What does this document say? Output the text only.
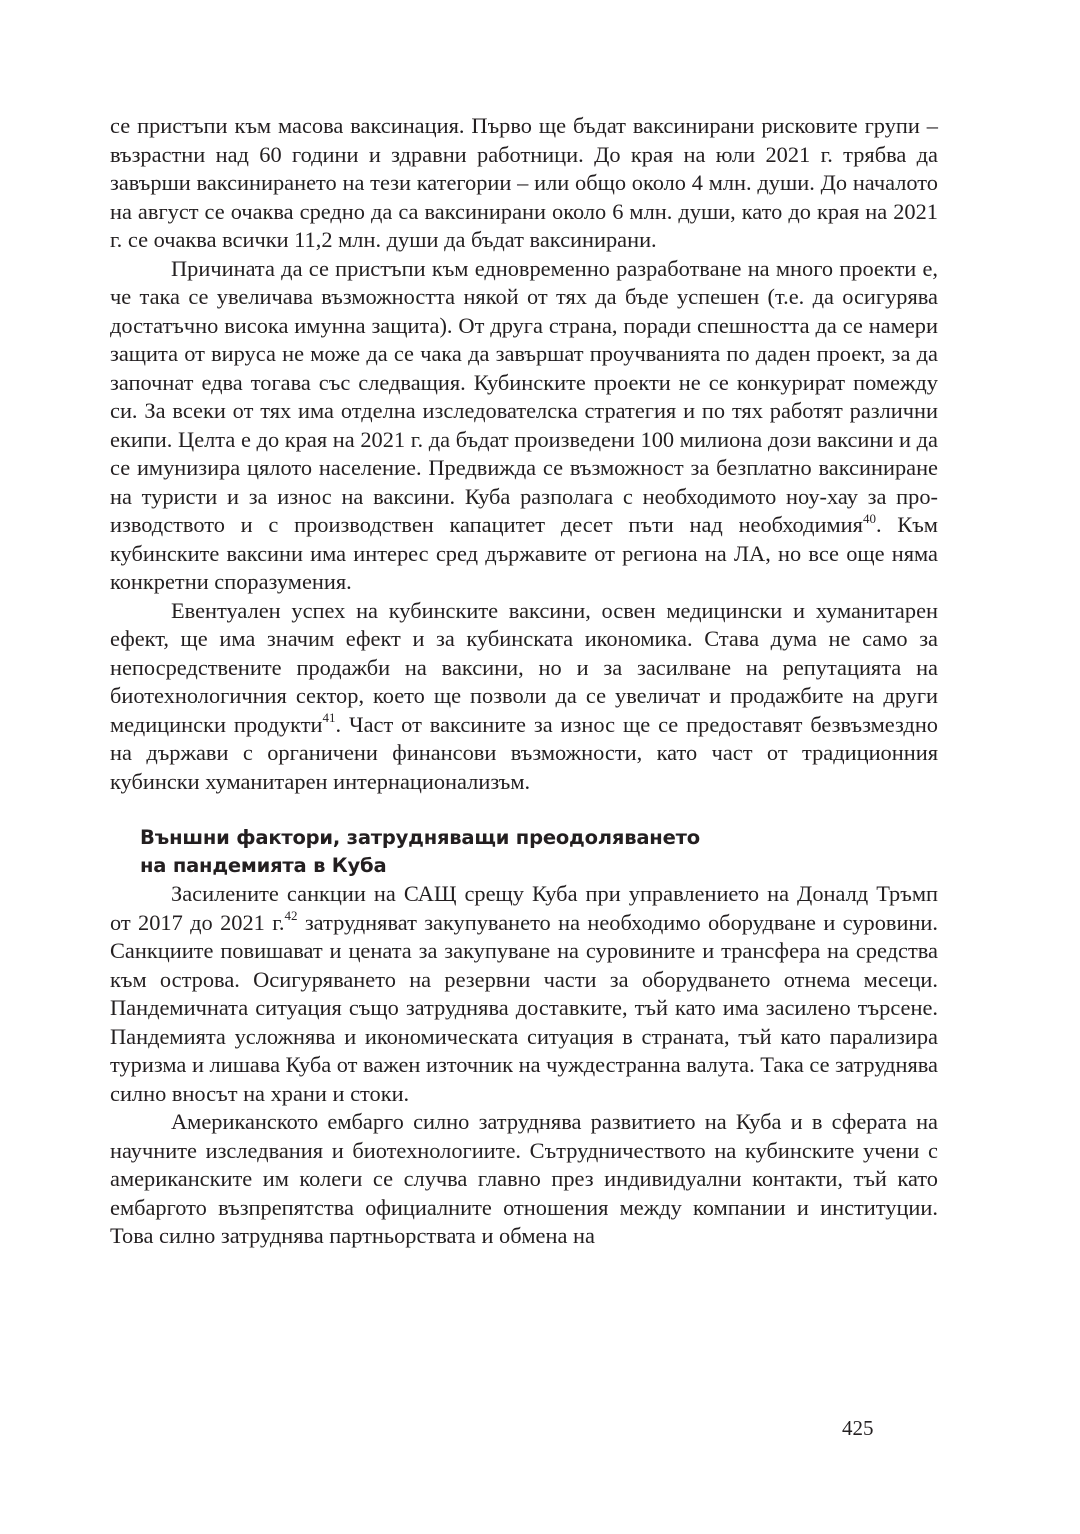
се пристъпи към масова ваксинация. Първо ще бъдат ваксинирани рисковите групи – възрастни над 60 години и здравни работници. До края на юли 2021 г. трябва да завърши ваксинирането на тези категории – или общо около 4 млн. души. До началото на август се очаква средно да са ваксинирани около 6 млн. души, като до края на 2021 г. се очаква всички 11,2 млн. души да бъдат ваксинирани.

Причината да се пристъпи към едновременно разработване на много проекти е, че така се увеличава възможността някой от тях да бъде успешен (т.е. да осигурява достатъчно висока имунна защита). От друга страна, поради спешността да се намери защита от вируса не може да се чака да завършат проучванията по даден проект, за да започнат едва тогава със следващия. Кубинските проекти не се конкурират помежду си. За всеки от тях има отделна изследователска стратегия и по тях работят различни екипи. Целта е до края на 2021 г. да бъдат произведени 100 милиона дози ваксини и да се имунизира цялото население. Предвижда се възможност за безплатно ваксиниране на туристи и за износ на ваксини. Куба разполага с необходимото ноу-хау за производството и с производствен капацитет десет пъти над необходимия$^{40}$. Към кубинските ваксини има интерес сред държавите от региона на ЛА, но все още няма конкретни споразумения.

Евентуален успех на кубинските ваксини, освен медицински и хуманитарен ефект, ще има значим ефект и за кубинската икономика. Става дума не само за непосредствените продажби на ваксини, но и за засилване на репутацията на биотехнологичния сектор, което ще позволи да се увеличат и продажбите на други медицински продукти$^{41}$. Част от ваксините за износ ще се предоставят безвъзмездно на държави с органичени финансови възможности, като част от традиционния кубински хуманитарен интернационализъм.

Външни фактори, затрудняващи преодоляването
на пандемията в Куба

Засилените санкции на САЩ срещу Куба при управлението на Доналд Тръмп от 2017 до 2021 г.$^{42}$ затрудняват закупуването на необходимо оборудване и суровини. Санкциите повишават и цената за закупуване на суровините и трансфера на средства към острова. Осигуряването на резервни части за оборудването отнема месеци. Пандемичната ситуация също затруднява доставките, тъй като има засилено търсене. Пандемията усложнява и икономическата ситуация в страната, тъй като парализира туризма и лишава Куба от важен източник на чуждестранна валута. Така се затруднява силно вносът на храни и стоки.

Американското ембарго силно затруднява развитието на Куба и в сферата на научните изследвания и биотехнологиите. Сътрудничеството на кубинските учени с американските им колеги се случва главно през индивидуални контакти, тъй като ембаргото възпрепятства официалните отношения между компании и институции. Това силно затруднява партньорствата и обмена на

425
